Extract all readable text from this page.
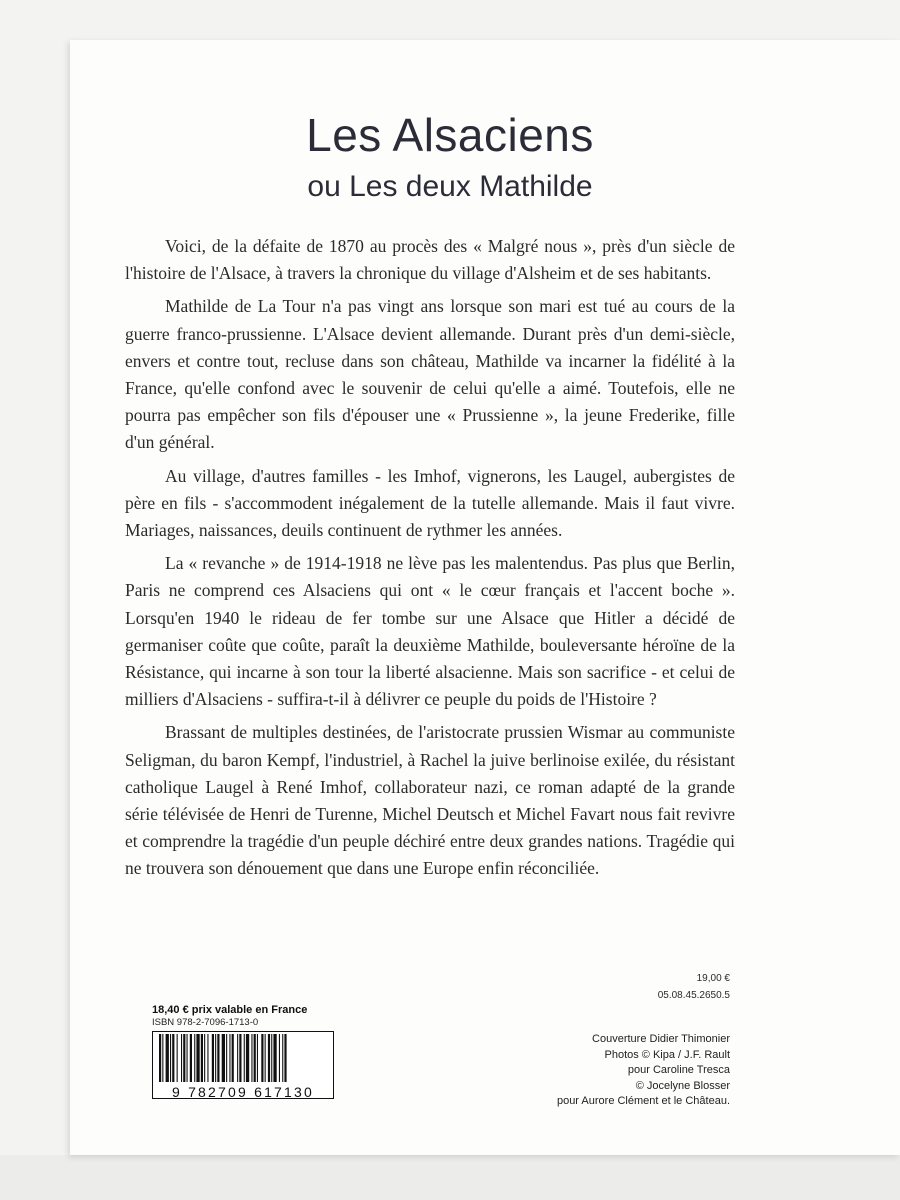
Les Alsaciens
ou Les deux Mathilde

Voici, de la défaite de 1870 au procès des « Malgré nous », près d'un siècle de l'histoire de l'Alsace, à travers la chronique du village d'Alsheim et de ses habitants.

Mathilde de La Tour n'a pas vingt ans lorsque son mari est tué au cours de la guerre franco-prussienne. L'Alsace devient allemande. Durant près d'un demi-siècle, envers et contre tout, recluse dans son château, Mathilde va incarner la fidélité à la France, qu'elle confond avec le souvenir de celui qu'elle a aimé. Toutefois, elle ne pourra pas empêcher son fils d'épouser une « Prussienne », la jeune Frederike, fille d'un général.

Au village, d'autres familles - les Imhof, vignerons, les Laugel, aubergistes de père en fils - s'accommodent inégalement de la tutelle allemande. Mais il faut vivre. Mariages, naissances, deuils continuent de rythmer les années.

La « revanche » de 1914-1918 ne lève pas les malentendus. Pas plus que Berlin, Paris ne comprend ces Alsaciens qui ont « le cœur français et l'accent boche ». Lorsqu'en 1940 le rideau de fer tombe sur une Alsace que Hitler a décidé de germaniser coûte que coûte, paraît la deuxième Mathilde, bouleversante héroïne de la Résistance, qui incarne à son tour la liberté alsacienne. Mais son sacrifice - et celui de milliers d'Alsaciens - suffira-t-il à délivrer ce peuple du poids de l'Histoire ?

Brassant de multiples destinées, de l'aristocrate prussien Wismar au communiste Seligman, du baron Kempf, l'industriel, à Rachel la juive berlinoise exilée, du résistant catholique Laugel à René Imhof, collaborateur nazi, ce roman adapté de la grande série télévisée de Henri de Turenne, Michel Deutsch et Michel Favart nous fait revivre et comprendre la tragédie d'un peuple déchiré entre deux grandes nations. Tragédie qui ne trouvera son dénouement que dans une Europe enfin réconciliée.

19,00 €
05.08.45.2650.5
18,40 € prix valable en France
ISBN 978-2-7096-1713-0
9 782709 617130
Couverture Didier Thimonier
Photos © Kipa / J.F. Rault
pour Caroline Tresca
© Jocelyne Blosser
pour Aurore Clément et le Château.
